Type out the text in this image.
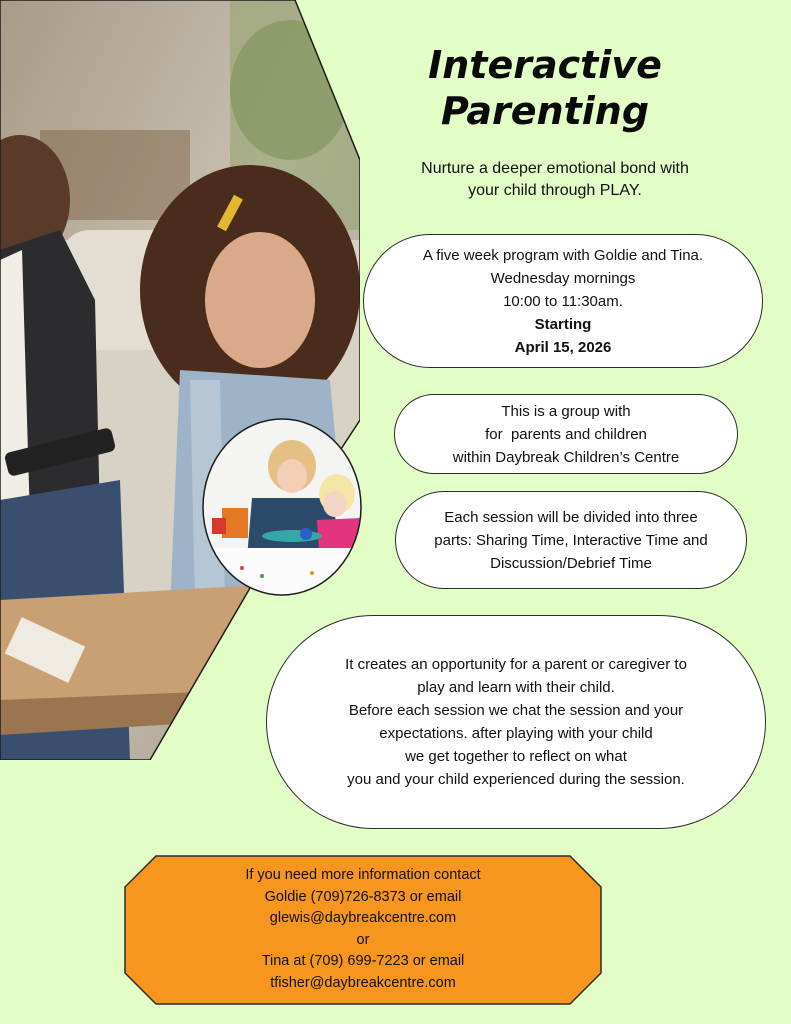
Interactive
Parenting

Nurture a deeper emotional bond with
your child through PLAY.

A five week program with Goldie and Tina.

Wednesday mornings

10:00 to 11:30am.

Starting

April 15, 2026

This is a group with

for  parents and children

within Daybreak Children’s Centre

Each session will be divided into three

parts: Sharing Time, Interactive Time and

Discussion/Debrief Time

It creates an opportunity for a parent or caregiver to

play and learn with their child.

Before each session we chat the session and your

expectations. after playing with your child

we get together to reflect on what

you and your child experienced during the session.

If you need more information contact

Goldie (709)726-8373 or email

glewis@daybreakcentre.com

or

Tina at (709) 699-7223 or email

tfisher@daybreakcentre.com
